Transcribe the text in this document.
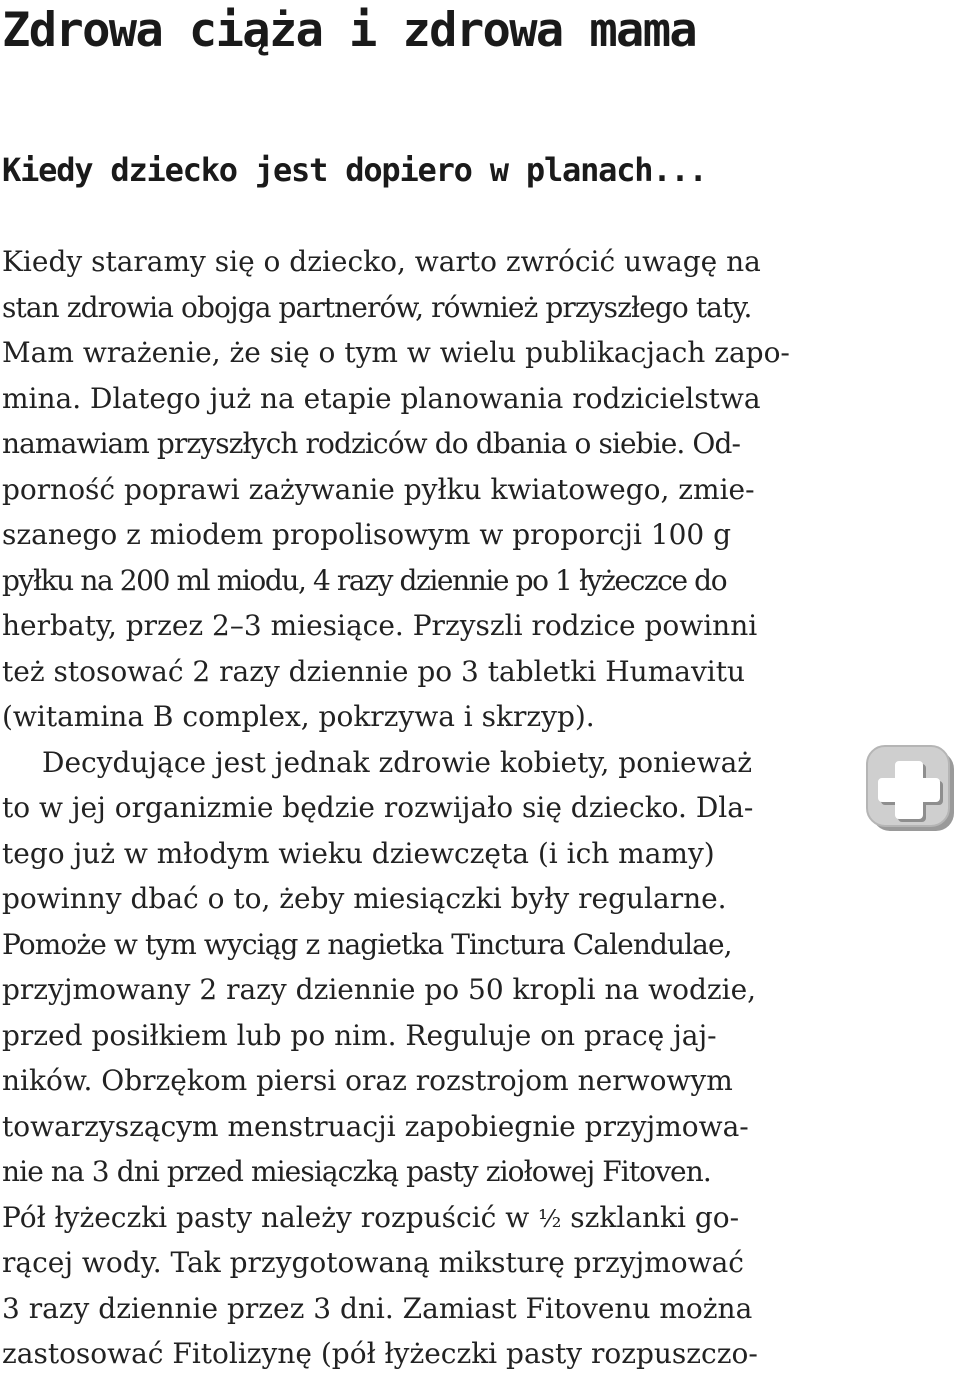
Zdrowa ciąża i zdrowa mama
Kiedy dziecko jest dopiero w planach...
Kiedy staramy się o dziecko, warto zwrócić uwagę na
stan zdrowia obojga partnerów, również przyszłego taty.
Mam wrażenie, że się o tym w wielu publikacjach zapo-
mina. Dlatego już na etapie planowania rodzicielstwa
namawiam przyszłych rodziców do dbania o siebie. Od-
porność poprawi zażywanie pyłku kwiatowego, zmie-
szanego z miodem propolisowym w proporcji 100 g
pyłku na 200 ml miodu, 4 razy dziennie po 1 łyżeczce do
herbaty, przez 2–3 miesiące. Przyszli rodzice powinni
też stosować 2 razy dziennie po 3 tabletki Humavitu
(witamina B complex, pokrzywa i skrzyp).
Decydujące jest jednak zdrowie kobiety, ponieważ
to w jej organizmie będzie rozwijało się dziecko. Dla-
tego już w młodym wieku dziewczęta (i ich mamy)
powinny dbać o to, żeby miesiączki były regularne.
Pomoże w tym wyciąg z nagietka Tinctura Calendulae,
przyjmowany 2 razy dziennie po 50 kropli na wodzie,
przed posiłkiem lub po nim. Reguluje on pracę jaj-
ników. Obrzękom piersi oraz rozstrojom nerwowym
towarzyszącym menstruacji zapobiegnie przyjmowa-
nie na 3 dni przed miesiączką pasty ziołowej Fitoven.
Pół łyżeczki pasty należy rozpuścić w ½ szklanki go-
rącej wody. Tak przygotowaną miksturę przyjmować
3 razy dziennie przez 3 dni. Zamiast Fitovenu można
zastosować Fitolizynę (pół łyżeczki pasty rozpuszczo-
